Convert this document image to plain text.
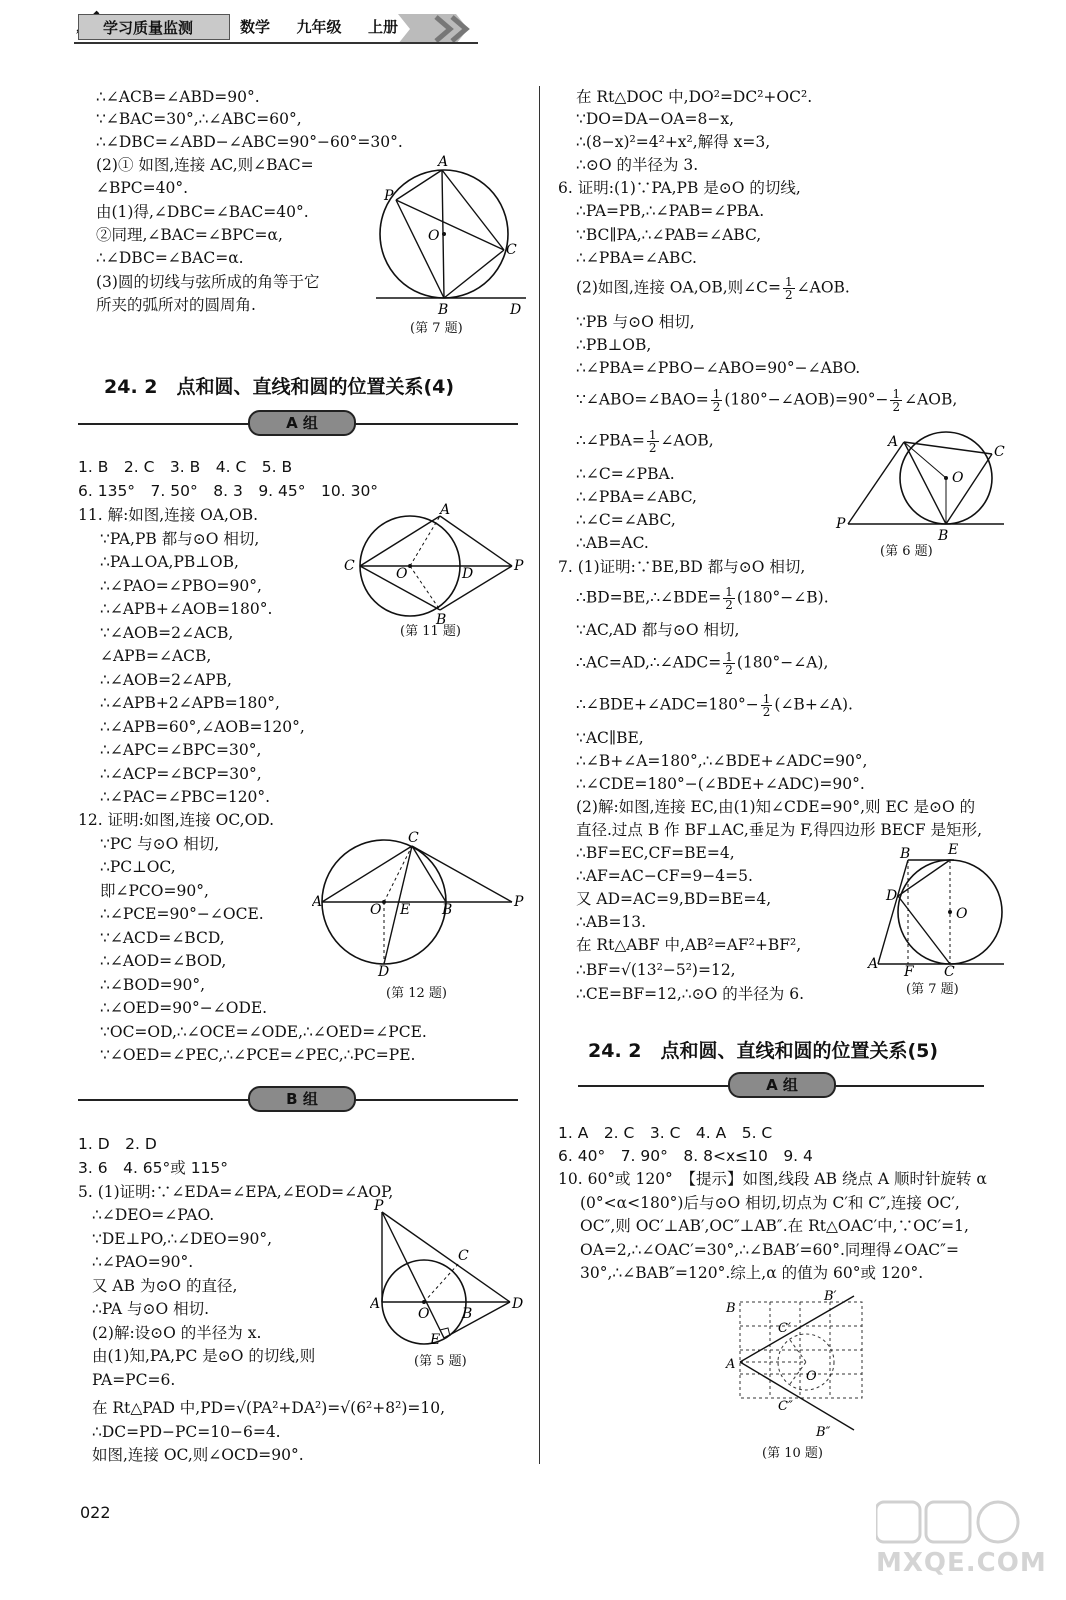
学习质量监测	数学 九年级 上册
∴∠ACB=∠ABD=90°.
∵∠BAC=30°,∴∠ABC=60°,
∴∠DBC=∠ABD−∠ABC=90°−60°=30°.
(2)① 如图,连接 AC,则∠BAC=
∠BPC=40°.
由(1)得,∠DBC=∠BAC=40°.
②同理,∠BAC=∠BPC=α,
∴∠DBC=∠BAC=α.
(3)圆的切线与弦所成的角等于它
所夹的弧所对的圆周角.
A
P
O
C
B	D
(第 7 题)
24. 2　点和圆、直线和圆的位置关系(4)
A 组
1. B　2. C　3. B　4. C　5. B
6. 135°　7. 50°　8. 3　9. 45°　10. 30°
11. 解:如图,连接 OA,OB.
∵PA,PB 都与⊙O 相切,
∴PA⊥OA,PB⊥OB,
∴∠PAO=∠PBO=90°,
∴∠APB+∠AOB=180°.
∵∠AOB=2∠ACB,
∠APB=∠ACB,
∴∠AOB=2∠APB,
∴∠APB+2∠APB=180°,
∴∠APB=60°,∠AOB=120°,
∴∠APC=∠BPC=30°,
∴∠ACP=∠BCP=30°,
∴∠PAC=∠PBC=120°.
A
C	O	D	P
B
(第 11 题)
12. 证明:如图,连接 OC,OD.
∵PC 与⊙O 相切,
∴PC⊥OC,
即∠PCO=90°,
∴∠PCE=90°−∠OCE.
∵∠ACD=∠BCD,
∴∠AOD=∠BOD,
∴∠BOD=90°,
∴∠OED=90°−∠ODE.
∵OC=OD,∴∠OCE=∠ODE,∴∠OED=∠PCE.
∵∠OED=∠PEC,∴∠PCE=∠PEC,∴PC=PE.
C
A	O E B	P
D
(第 12 题)
B 组
1. D　2. D
3. 6　4. 65°或 115°
5. (1)证明:∵∠EDA=∠EPA,∠EOD=∠AOP,
∴∠DEO=∠PAO.
∵DE⊥PO,∴∠DEO=90°,
∴∠PAO=90°.
又 AB 为⊙O 的直径,
∴PA 与⊙O 相切.
(2)解:设⊙O 的半径为 x.
由(1)知,PA,PC 是⊙O 的切线,则
PA=PC=6.
在 Rt△PAD 中,PD=√(PA²+DA²)=√(6²+8²)=10,
∴DC=PD−PC=10−6=4.
如图,连接 OC,则∠OCD=90°.
P
C
A
O B
D
E
(第 5 题)
022
在 Rt△DOC 中,DO²=DC²+OC².
∵DO=DA−OA=8−x,
∴(8−x)²=4²+x²,解得 x=3,
∴⊙O 的半径为 3.
6. 证明:(1)∵PA,PB 是⊙O 的切线,
∴PA=PB,∴∠PAB=∠PBA.
∵BC∥PA,∴∠PAB=∠ABC,
∴∠PBA=∠ABC.
(2)如图,连接 OA,OB,则∠C= $\frac{1}{2}$ ∠AOB.
∵PB 与⊙O 相切,
∴PB⊥OB,
∴∠PBA=∠PBO−∠ABO=90°−∠ABO.
∵∠ABO=∠BAO= $\frac{1}{2}$ (180°−∠AOB)=90°− $\frac{1}{2}$ ∠AOB,
∴∠PBA= $\frac{1}{2}$ ∠AOB,
∴∠C=∠PBA.
∴∠PBA=∠ABC,
∴∠C=∠ABC,
∴AB=AC.
A
C
O
P
B
(第 6 题)
7. (1)证明:∵BE,BD 都与⊙O 相切,
∴BD=BE,∴∠BDE= $\frac{1}{2}$ (180°−∠B).
∵AC,AD 都与⊙O 相切,
∴AC=AD,∴∠ADC= $\frac{1}{2}$ (180°−∠A),
∴∠BDE+∠ADC=180°− $\frac{1}{2}$ (∠B+∠A).
∵AC∥BE,
∴∠B+∠A=180°,∴∠BDE+∠ADC=90°,
∴∠CDE=180°−(∠BDE+∠ADC)=90°.
(2)解:如图,连接 EC,由(1)知∠CDE=90°,则 EC 是⊙O 的
直径.过点 B 作 BF⊥AC,垂足为 F,得四边形 BECF 是矩形,
∴BF=EC,CF=BE=4,
∴AF=AC−CF=9−4=5.
又 AD=AC=9,BD=BE=4,
∴AB=13.
在 Rt△ABF 中,AB²=AF²+BF²,
∴BF=√(13²−5²)=12,
∴CE=BF=12,∴⊙O 的半径为 6.
B	E
D
O
A F C
(第 7 题)
24. 2　点和圆、直线和圆的位置关系(5)
A 组
1. A　2. C　3. C　4. A　5. C
6. 40°　7. 90°　8. 8<x≤10　9. 4
10. 60°或 120°　【提示】如图,线段 AB 绕点 A 顺时针旋转 α
(0°<α<180°)后与⊙O 相切,切点为 C′和 C″,连接 OC′,
OC″,则 OC′⊥AB′,OC″⊥AB″.在 Rt△OAC′中,∵OC′=1,
OA=2,∴∠OAC′=30°,∴∠BAB′=60°.同理得∠OAC″=
30°,∴∠BAB″=120°.综上,α 的值为 60°或 120°.
B
B′
C′
A
O
C″
B″
(第 10 题)
MXQE.COM
